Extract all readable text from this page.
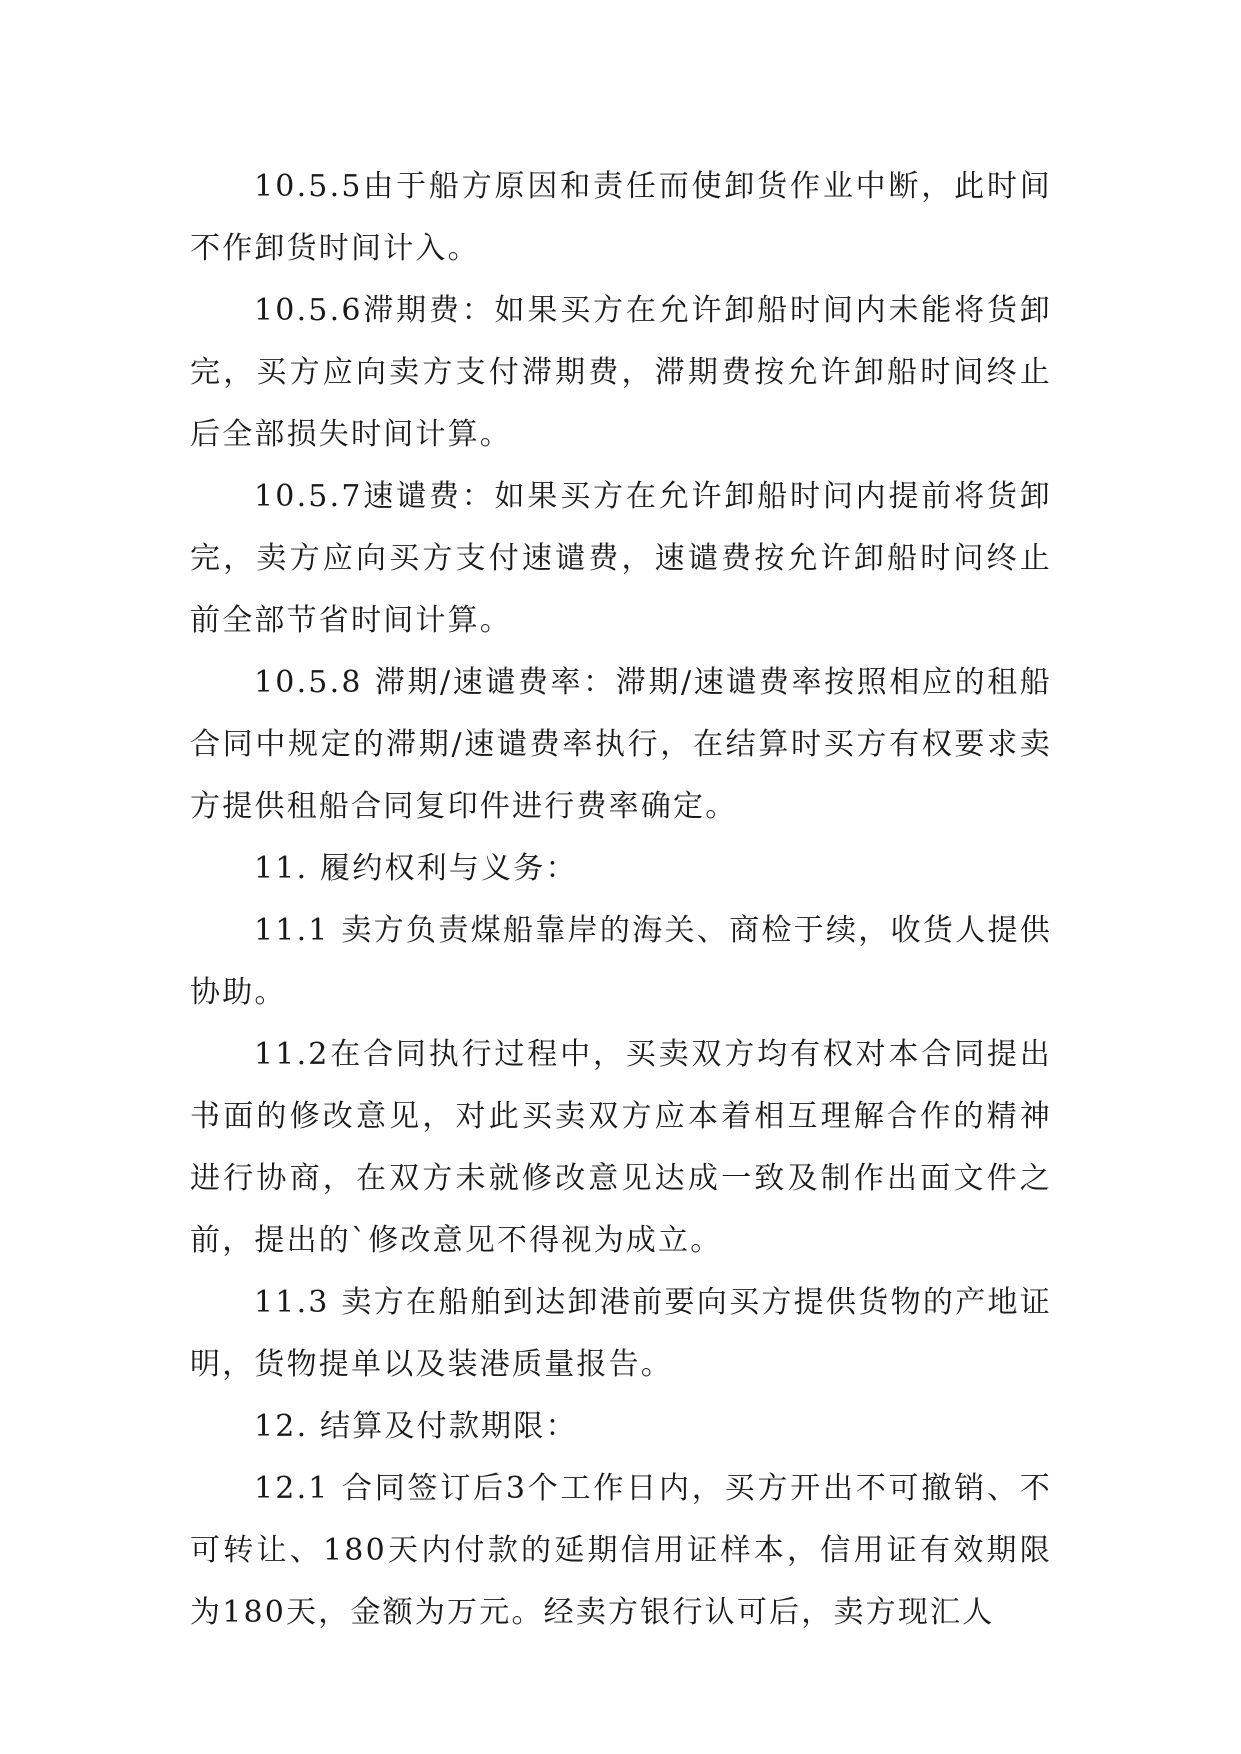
10.5.5由于船方原因和责任而使卸货作业中断，此时间不作卸货时间计入。

10.5.6滞期费：如果买方在允许卸船时间内未能将货卸完，买方应向卖方支付滞期费，滞期费按允许卸船时间终止后全部损失时间计算。

10.5.7速谴费：如果买方在允许卸船时问内提前将货卸完，卖方应向买方支付速谴费，速谴费按允许卸船时问终止前全部节省时间计算。

10.5.8 滞期/速谴费率：滞期/速谴费率按照相应的租船合同中规定的滞期/速谴费率执行，在结算时买方有权要求卖方提供租船合同复印件进行费率确定。

11. 履约权利与义务：

11.1 卖方负责煤船靠岸的海关、商检于续，收货人提供协助。

11.2在合同执行过程中，买卖双方均有权对本合同提出书面的修改意见，对此买卖双方应本着相互理解合作的精神进行协商，在双方未就修改意见达成一致及制作出面文件之前，提出的`修改意见不得视为成立。

11.3 卖方在船舶到达卸港前要向买方提供货物的产地证明，货物提单以及装港质量报告。

12. 结算及付款期限：

12.1 合同签订后3个工作日内，买方开出不可撤销、不可转让、180天内付款的延期信用证样本，信用证有效期限为180天，金额为万元。经卖方银行认可后，卖方现汇人
